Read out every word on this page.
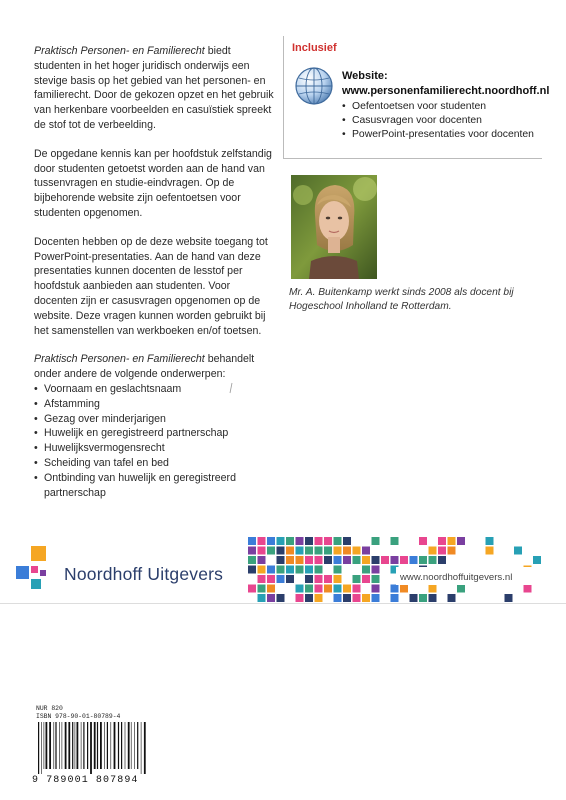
Praktisch Personen- en Familierecht biedt studenten in het hoger juridisch onderwijs een stevige basis op het gebied van het personen- en familierecht. Door de gekozen opzet en het gebruik van herkenbare voorbeelden en casuïstiek spreekt de stof tot de verbeelding.

De opgedane kennis kan per hoofdstuk zelfstandig door studenten getoetst worden aan de hand van tussenvragen en studie-eindvragen. Op de bijbehorende website zijn oefentoetsen voor studenten opgenomen.

Docenten hebben op de deze website toegang tot PowerPoint-presentaties. Aan de hand van deze presentaties kunnen docenten de lesstof per hoofdstuk aanbieden aan studenten. Voor docenten zijn er casusvragen opgenomen op de website. Deze vragen kunnen worden gebruikt bij het samenstellen van werkboeken en/of toetsen.

Praktisch Personen- en Familierecht behandelt onder andere de volgende onderwerpen:

• Voornaam en geslachtsnaam
• Afstamming
• Gezag over minderjarigen
• Huwelijk en geregistreerd partnerschap
• Huwelijksvermogensrecht
• Scheiding van tafel en bed
• Ontbinding van huwelijk en geregistreerd partnerschap
Inclusief
Website:
www.personenfamilierecht.noordhoff.nl
• Oefentoetsen voor studenten
• Casusvragen voor docenten
• PowerPoint-presentaties voor docenten
Mr. A. Buitenkamp werkt sinds 2008 als docent bij Hogeschool Inholland te Rotterdam.
Noordhoff Uitgevers	www.noordhoffuitgevers.nl
NUR 820
ISBN 978-90-01-80789-4
9 789001 807894
